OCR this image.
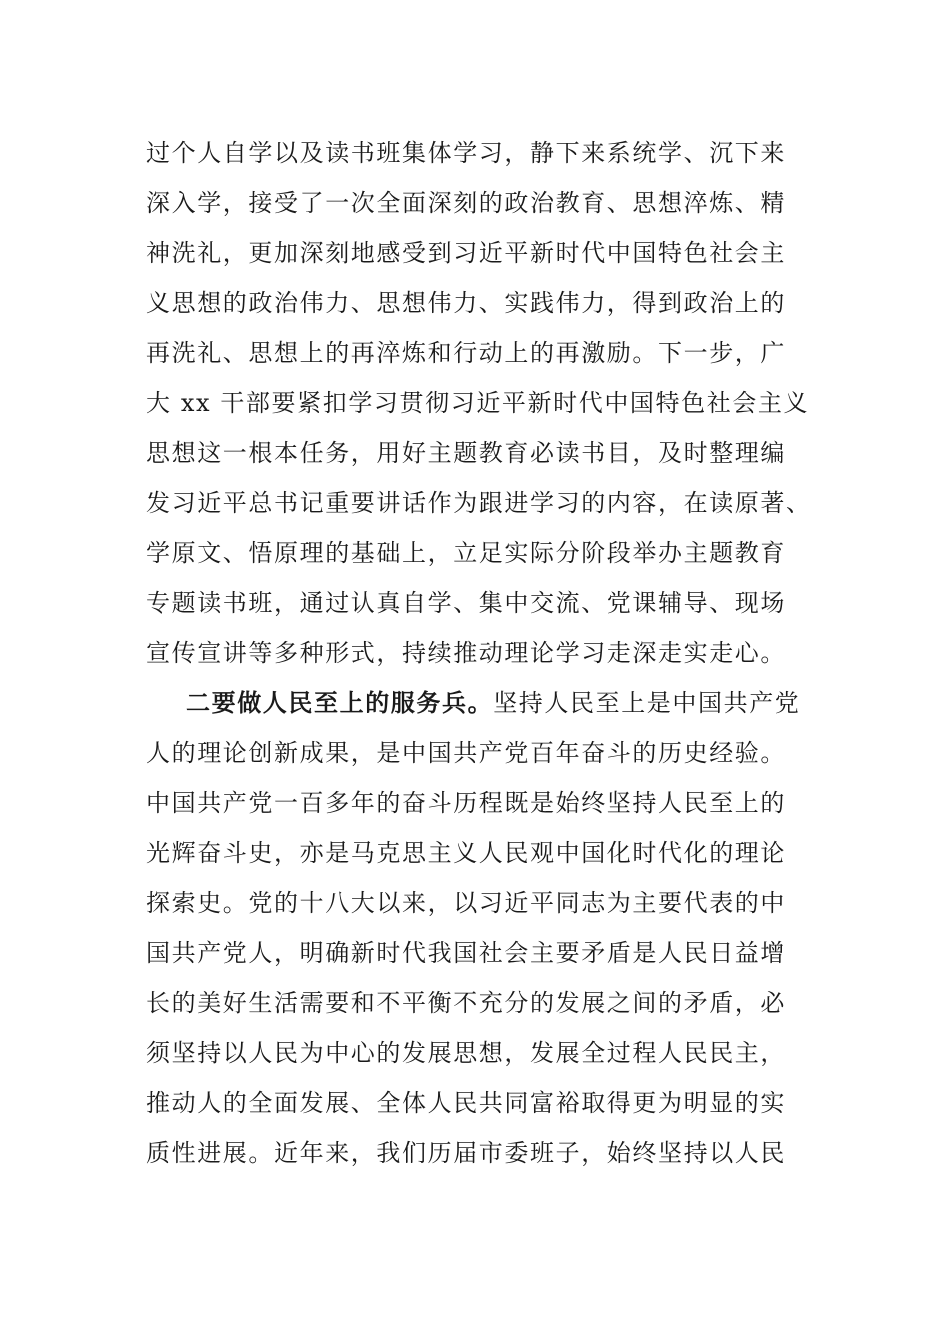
过个人自学以及读书班集体学习，静下来系统学、沉下来
深入学，接受了一次全面深刻的政治教育、思想淬炼、精
神洗礼，更加深刻地感受到习近平新时代中国特色社会主
义思想的政治伟力、思想伟力、实践伟力，得到政治上的
再洗礼、思想上的再淬炼和行动上的再激励。下一步，广
大 xx 干部要紧扣学习贯彻习近平新时代中国特色社会主义
思想这一根本任务，用好主题教育必读书目，及时整理编
发习近平总书记重要讲话作为跟进学习的内容，在读原著、
学原文、悟原理的基础上，立足实际分阶段举办主题教育
专题读书班，通过认真自学、集中交流、党课辅导、现场
宣传宣讲等多种形式，持续推动理论学习走深走实走心。
二要做人民至上的服务兵。坚持人民至上是中国共产党
人的理论创新成果，是中国共产党百年奋斗的历史经验。
中国共产党一百多年的奋斗历程既是始终坚持人民至上的
光辉奋斗史，亦是马克思主义人民观中国化时代化的理论
探索史。党的十八大以来，以习近平同志为主要代表的中
国共产党人，明确新时代我国社会主要矛盾是人民日益增
长的美好生活需要和不平衡不充分的发展之间的矛盾，必
须坚持以人民为中心的发展思想，发展全过程人民民主，
推动人的全面发展、全体人民共同富裕取得更为明显的实
质性进展。近年来，我们历届市委班子，始终坚持以人民
